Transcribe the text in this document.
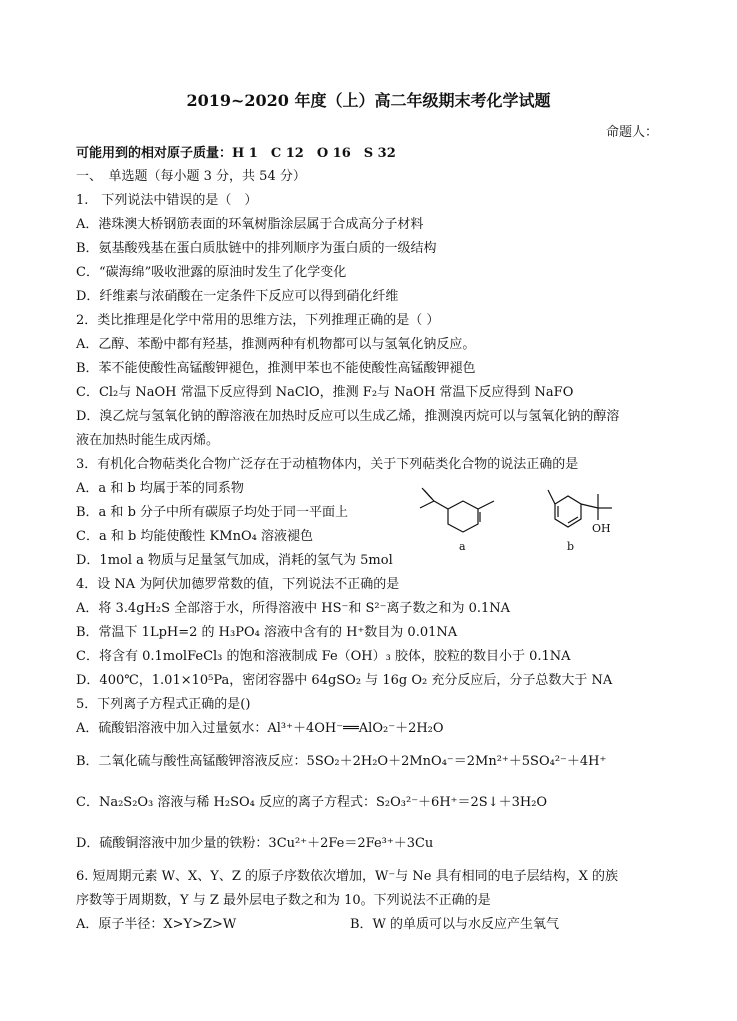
2019~2020 年度（上）高二年级期末考化学试题
命题人：
可能用到的相对原子质量：H 1　C 12　O 16　S 32
一、　单选题（每小题 3 分，共 54 分）
1.　下列说法中错误的是（　）
A．港珠澳大桥钢筋表面的环氧树脂涂层属于合成高分子材料
B．氨基酸残基在蛋白质肽链中的排列顺序为蛋白质的一级结构
C．“碳海绵”吸收泄露的原油时发生了化学变化
D．纤维素与浓硝酸在一定条件下反应可以得到硝化纤维
2．类比推理是化学中常用的思维方法，下列推理正确的是（ ）
A．乙醇、苯酚中都有羟基，推测两种有机物都可以与氢氧化钠反应。
B．苯不能使酸性高锰酸钾褪色，推测甲苯也不能使酸性高锰酸钾褪色
C．Cl₂与 NaOH 常温下反应得到 NaClO，推测 F₂与 NaOH 常温下反应得到 NaFO
D．溴乙烷与氢氧化钠的醇溶液在加热时反应可以生成乙烯，推测溴丙烷可以与氢氧化钠的醇溶
液在加热时能生成丙烯。
3．有机化合物萜类化合物广泛存在于动植物体内，关于下列萜类化合物的说法正确的是
A．a 和 b 均属于苯的同系物
B．a 和 b 分子中所有碳原子均处于同一平面上
C．a 和 b 均能使酸性 KMnO₄ 溶液褪色
D．1mol a 物质与足量氢气加成，消耗的氢气为 5mol
a
OH
b
4．设 NA 为阿伏加德罗常数的值，下列说法不正确的是
A．将 3.4gH₂S 全部溶于水，所得溶液中 HS⁻和 S²⁻离子数之和为 0.1NA
B．常温下 1LpH=2 的 H₃PO₄ 溶液中含有的 H⁺数目为 0.01NA
C．将含有 0.1molFeCl₃ 的饱和溶液制成 Fe（OH）₃ 胶体，胶粒的数目小于 0.1NA
D．400℃，1.01×10⁵Pa，密闭容器中 64gSO₂ 与 16g O₂ 充分反应后，分子总数大于 NA
5．下列离子方程式正确的是()
A．硫酸铝溶液中加入过量氨水：Al³⁺＋4OH⁻══AlO₂⁻＋2H₂O
B．二氧化硫与酸性高锰酸钾溶液反应：5SO₂＋2H₂O＋2MnO₄⁻＝2Mn²⁺＋5SO₄²⁻＋4H⁺
C．Na₂S₂O₃ 溶液与稀 H₂SO₄ 反应的离子方程式：S₂O₃²⁻＋6H⁺＝2S↓＋3H₂O
D．硫酸铜溶液中加少量的铁粉：3Cu²⁺＋2Fe＝2Fe³⁺＋3Cu
6. 短周期元素 W、X、Y、Z 的原子序数依次增加，W⁻与 Ne 具有相同的电子层结构，X 的族
序数等于周期数，Y 与 Z 最外层电子数之和为 10。下列说法不正确的是
A．原子半径：X>Y>Z>W	B．W 的单质可以与水反应产生氧气
